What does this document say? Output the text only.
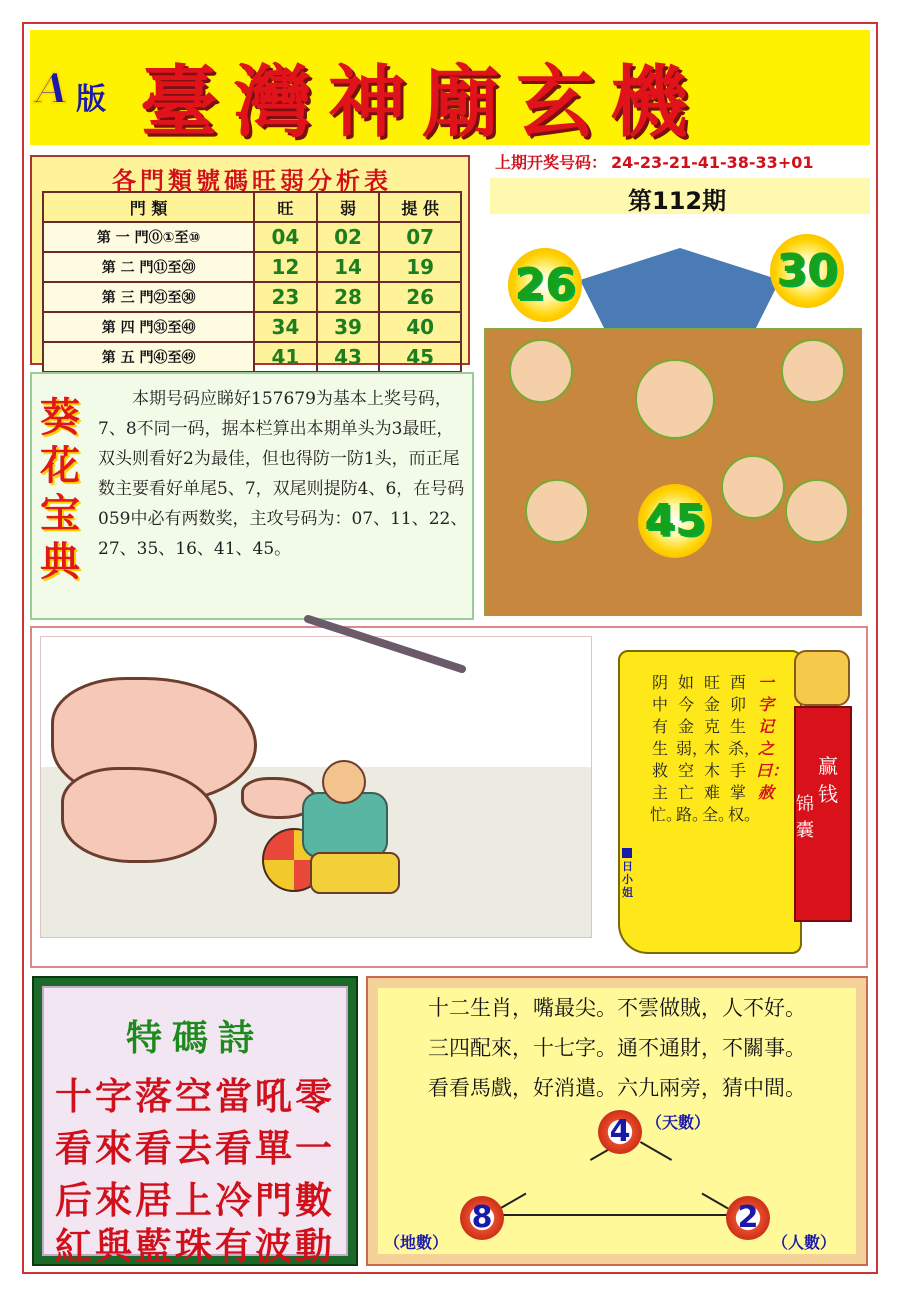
A 版 臺灣神廟玄機
上期开奖号码： 24-23-21-41-38-33+01
第112期
各門類號碼旺弱分析表
門 類	旺	弱	提 供
第 一 門⓪①至⑩	04	02	07
第 二 門⑪至⑳	12	14	19
第 三 門㉑至㉚	23	28	26
第 四 門㉛至㊵	34	39	40
第 五 門㊶至㊾	41	43	45
葵花宝典
本期号码应睇好157679为基本上奖号码，7、8不同一码，据本栏算出本期单头为3最旺，双头则看好2为最佳，但也得防一防1头，而正尾数主要看好单尾5、7，双尾则提防4、6，在号码059中必有两数奖，主攻号码为：07、11、22、27、35、16、41、45。
26	30
45
一字记之曰：赦
酉卯生杀，手掌权。
旺金克木木难全。
如今金弱，空亡路。
阴中有生救主忙。
日小姐
赢钱
锦囊
特碼詩
十字落空當吼零
看來看去看單一
后來居上冷門數
紅與藍珠有波動
十二生肖，嘴最尖。不雲做賊，人不好。
三四配來，十七字。通不通財，不關事。
看看馬戲，好消遣。六九兩旁，猜中間。
4 （天數）
8
（地數）
2
（人數）
